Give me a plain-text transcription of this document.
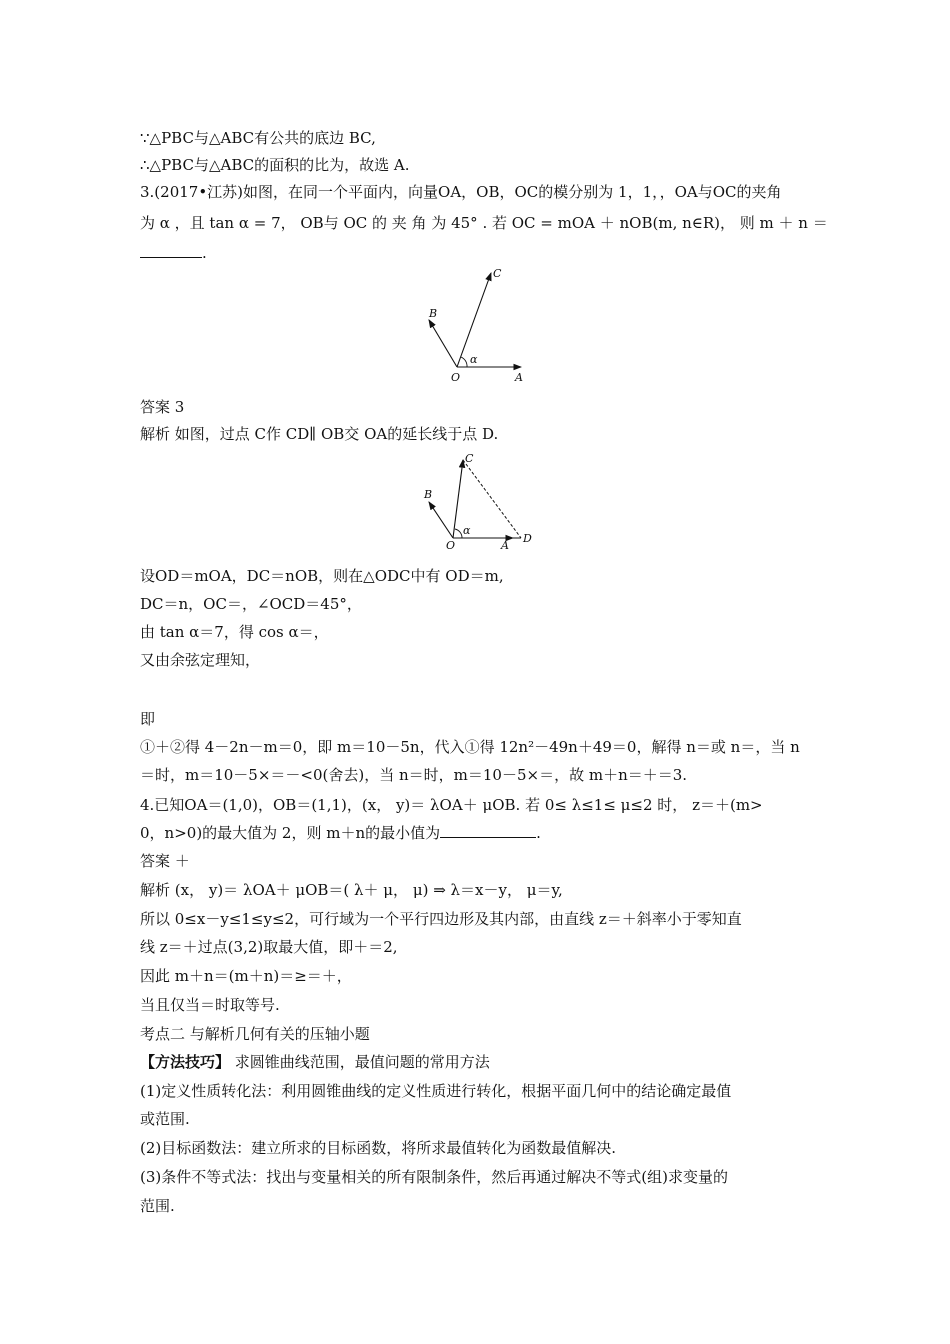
∵△PBC与△ABC有公共的底边 BC,
∴△PBC与△ABC的面积的比为，故选 A.
3.(2017•江苏)如图，在同一个平面内，向量OA，OB，OC的模分别为 1，1，，OA与OC的夹角
为 α ，且 tan α = 7， OB与 OC 的 夹 角 为 45° . 若 OC = mOA ＋ nOB(m, n∈R)， 则 m ＋ n ＝
.
O	A
B
C
α
答案 3
解析 如图，过点 C作 CD∥ OB交 OA的延长线于点 D.
O	A
B
C
D
α
设OD＝mOA，DC＝nOB，则在△ODC中有 OD＝m,
DC＝n，OC＝，∠OCD＝45°，
由 tan α＝7，得 cos α＝，
又由余弦定理知，
即
①＋②得 4－2n－m＝0，即 m＝10－5n，代入①得 12n²－49n＋49＝0，解得 n＝或 n＝，当 n
＝时，m＝10－5×＝－<0(舍去)，当 n＝时，m＝10－5×＝，故 m＋n＝＋＝3.
4.已知OA＝(1,0)，OB＝(1,1)，(x， y)＝ λOA＋ μOB. 若 0≤ λ≤1≤ μ≤2 时， z＝＋(m>
0，n>0)的最大值为 2，则 m＋n的最小值为	.
答案 ＋
解析 (x， y)＝ λOA＋ μOB＝( λ＋ μ， μ) ⇒ λ＝x－y， μ＝y,
所以 0≤x－y≤1≤y≤2，可行域为一个平行四边形及其内部，由直线 z＝＋斜率小于零知直
线 z＝＋过点(3,2)取最大值，即＋＝2,
因此 m＋n＝(m＋n)＝≥＝＋，
当且仅当＝时取等号.
考点二 与解析几何有关的压轴小题
【方法技巧】 求圆锥曲线范围，最值问题的常用方法
(1)定义性质转化法：利用圆锥曲线的定义性质进行转化，根据平面几何中的结论确定最值
或范围.
(2)目标函数法：建立所求的目标函数，将所求最值转化为函数最值解决.
(3)条件不等式法：找出与变量相关的所有限制条件，然后再通过解决不等式(组)求变量的
范围.
